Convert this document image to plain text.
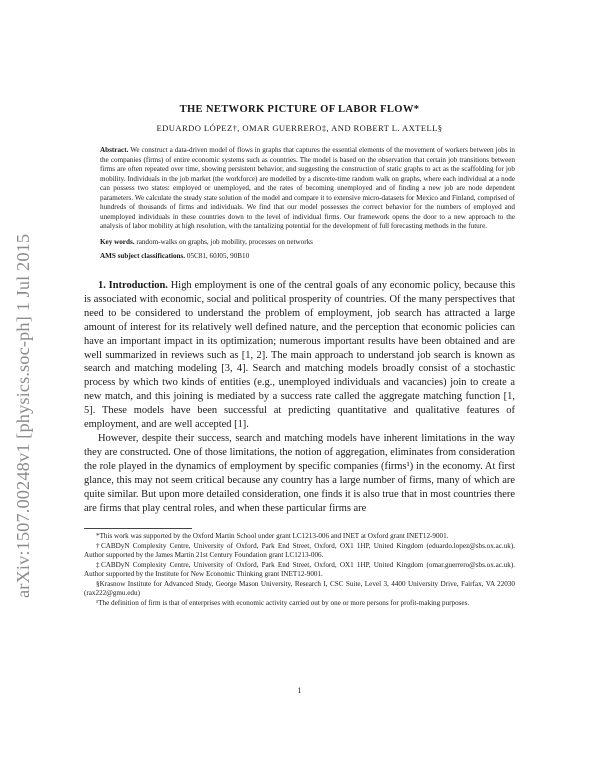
arXiv:1507.00248v1 [physics.soc-ph] 1 Jul 2015
THE NETWORK PICTURE OF LABOR FLOW*
EDUARDO LÓPEZ†, OMAR GUERRERO‡, AND ROBERT L. AXTELL§
Abstract. We construct a data-driven model of flows in graphs that captures the essential elements of the movement of workers between jobs in the companies (firms) of entire economic systems such as countries. The model is based on the observation that certain job transitions between firms are often repeated over time, showing persistent behavior, and suggesting the construction of static graphs to act as the scaffolding for job mobility. Individuals in the job market (the workforce) are modelled by a discrete-time random walk on graphs, where each individual at a node can possess two states: employed or unemployed, and the rates of becoming unemployed and of finding a new job are node dependent parameters. We calculate the steady state solution of the model and compare it to extensive micro-datasets for Mexico and Finland, comprised of hundreds of thousands of firms and individuals. We find that our model possesses the correct behavior for the numbers of employed and unemployed individuals in these countries down to the level of individual firms. Our framework opens the door to a new approach to the analysis of labor mobility at high resolution, with the tantalizing potential for the development of full forecasting methods in the future.
Key words. random-walks on graphs, job mobility, processes on networks
AMS subject classifications. 05C81, 60J05, 90B10

1. Introduction. High employment is one of the central goals of any economic policy, because this is associated with economic, social and political prosperity of countries. Of the many perspectives that need to be considered to understand the problem of employment, job search has attracted a large amount of interest for its relatively well defined nature, and the perception that economic policies can have an important impact in its optimization; numerous important results have been obtained and are well summarized in reviews such as [1, 2]. The main approach to understand job search is known as search and matching modeling [3, 4]. Search and matching models broadly consist of a stochastic process by which two kinds of entities (e.g., unemployed individuals and vacancies) join to create a new match, and this joining is mediated by a success rate called the aggregate matching function [1, 5]. These models have been successful at predicting quantitative and qualitative features of employment, and are well accepted [1].

However, despite their success, search and matching models have inherent limitations in the way they are constructed. One of those limitations, the notion of aggregation, eliminates from consideration the role played in the dynamics of employment by specific companies (firms¹) in the economy. At first glance, this may not seem critical because any country has a large number of firms, many of which are quite similar. But upon more detailed consideration, one finds it is also true that in most countries there are firms that play central roles, and when these particular firms are

*This work was supported by the Oxford Martin School under grant LC1213-006 and INET at Oxford grant INET12-9001.

†CABDyN Complexity Centre, University of Oxford, Park End Street, Oxford, OX1 1HP, United Kingdom (eduardo.lopez@sbs.ox.ac.uk). Author supported by the James Martin 21st Century Foundation grant LC1213-006.

‡CABDyN Complexity Centre, University of Oxford, Park End Street, Oxford, OX1 1HP, United Kingdom (omar.guerrero@sbs.ox.ac.uk). Author supported by the Institute for New Economic Thinking grant INET12-9001.

§Krasnow Institute for Advanced Study, George Mason University, Research I, CSC Suite, Level 3, 4400 University Drive, Fairfax, VA 22030 (rax222@gmu.edu)

¹The definition of firm is that of enterprises with economic activity carried out by one or more persons for profit-making purposes.

1
